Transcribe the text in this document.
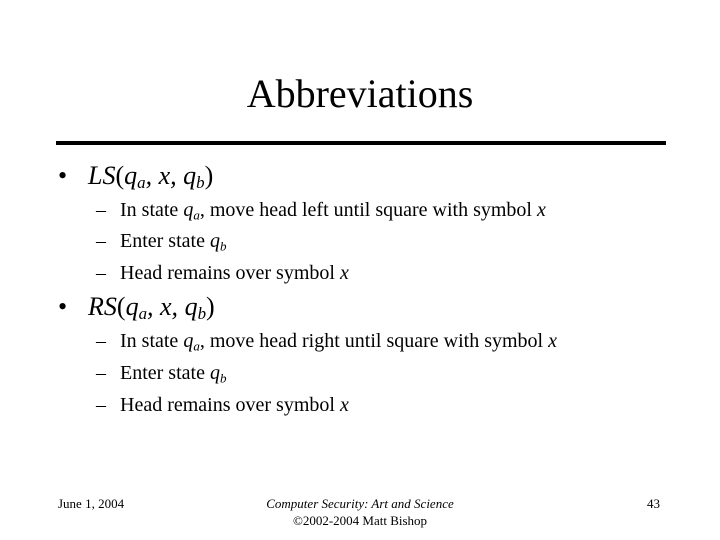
Abbreviations
• $LS(q_a$, x, $q_b$)
– In state $q_a$, move head left until square with symbol x
– Enter state $q_b$
– Head remains over symbol x
• $RS(q_a$, x, $q_b$)
– In state $q_a$, move head right until square with symbol x
– Enter state $q_b$
– Head remains over symbol x
June 1, 2004	Computer Security: Art and Science
©2002-2004 Matt Bishop
43
